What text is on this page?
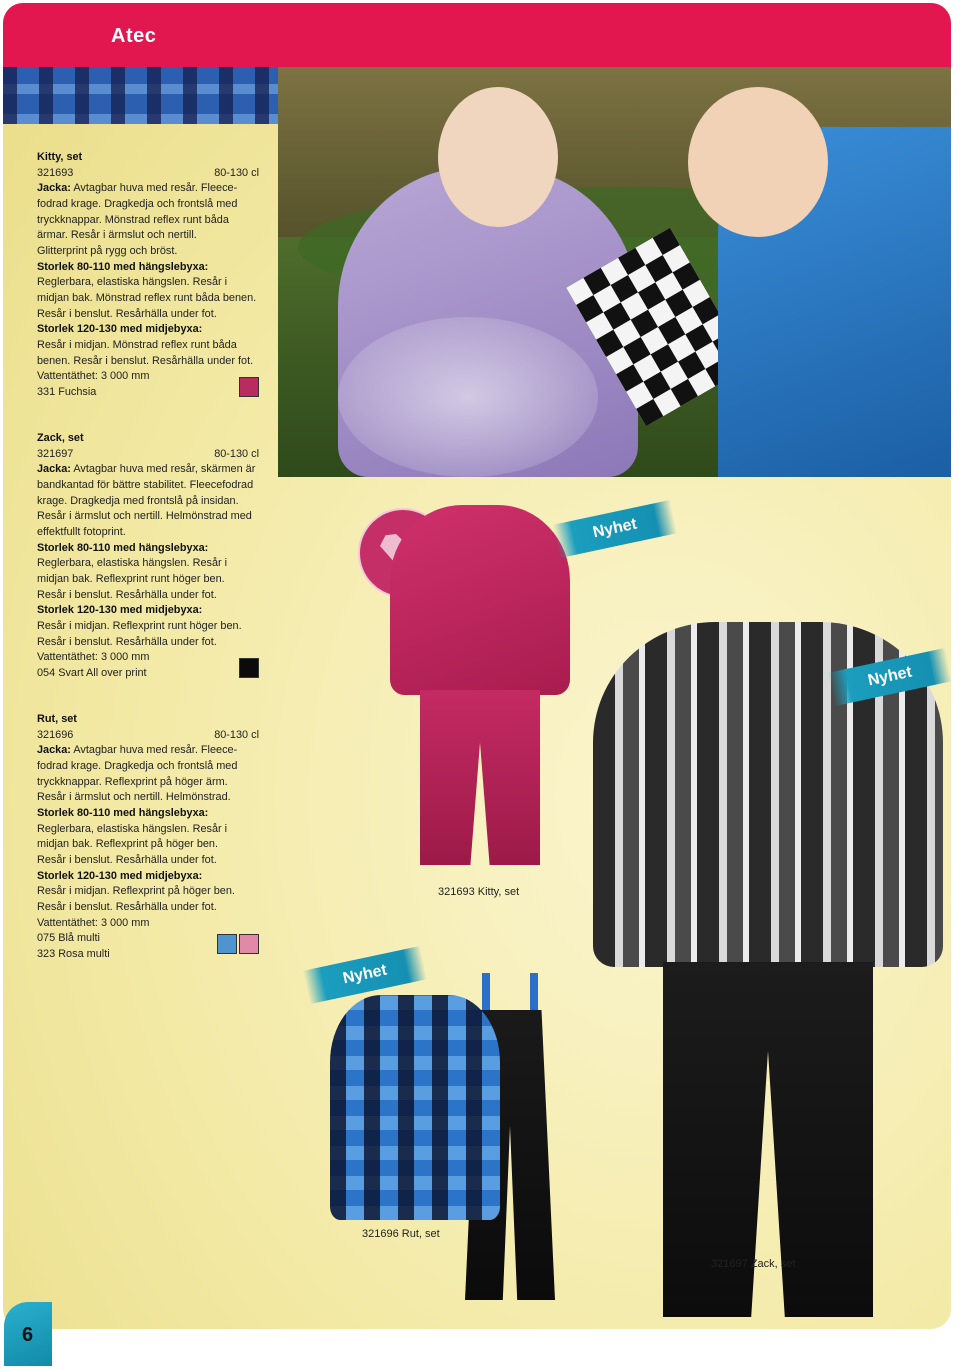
Atec
Kitty, set
321693	80-130 cl
Jacka: Avtagbar huva med resår. Fleece-
fodrad krage. Dragkedja och frontslå med
tryckknappar. Mönstrad reflex runt båda
ärmar. Resår i ärmslut och nertill.
Glitterprint på rygg och bröst.
Storlek 80-110 med hängslebyxa:
Reglerbara, elastiska hängslen. Resår i
midjan bak. Mönstrad reflex runt båda benen.
Resår i benslut. Resårhälla under fot.
Storlek 120-130 med midjebyxa:
Resår i midjan. Mönstrad reflex runt båda
benen. Resår i benslut. Resårhälla under fot.
Vattentäthet: 3 000 mm
331 Fuchsia
Zack, set
321697	80-130 cl
Jacka: Avtagbar huva med resår, skärmen är
bandkantad för bättre stabilitet. Fleecefodrad
krage. Dragkedja med frontslå på insidan.
Resår i ärmslut och nertill. Helmönstrad med
effektfullt fotoprint.
Storlek 80-110 med hängslebyxa:
Reglerbara, elastiska hängslen. Resår i
midjan bak. Reflexprint runt höger ben.
Resår i benslut. Resårhälla under fot.
Storlek 120-130 med midjebyxa:
Resår i midjan. Reflexprint runt höger ben.
Resår i benslut. Resårhälla under fot.
Vattentäthet: 3 000 mm
054 Svart All over print
Rut, set
321696	80-130 cl
Jacka: Avtagbar huva med resår. Fleece-
fodrad krage. Dragkedja och frontslå med
tryckknappar. Reflexprint på höger ärm.
Resår i ärmslut och nertill. Helmönstrad.
Storlek 80-110 med hängslebyxa:
Reglerbara, elastiska hängslen. Resår i
midjan bak. Reflexprint på höger ben.
Resår i benslut. Resårhälla under fot.
Storlek 120-130 med midjebyxa:
Resår i midjan. Reflexprint på höger ben.
Resår i benslut. Resårhälla under fot.
Vattentäthet: 3 000 mm
075 Blå multi
323 Rosa multi
Nyhet
Nyhet
Nyhet
321693 Kitty, set
321696 Rut, set
321697 Zack, set
6
